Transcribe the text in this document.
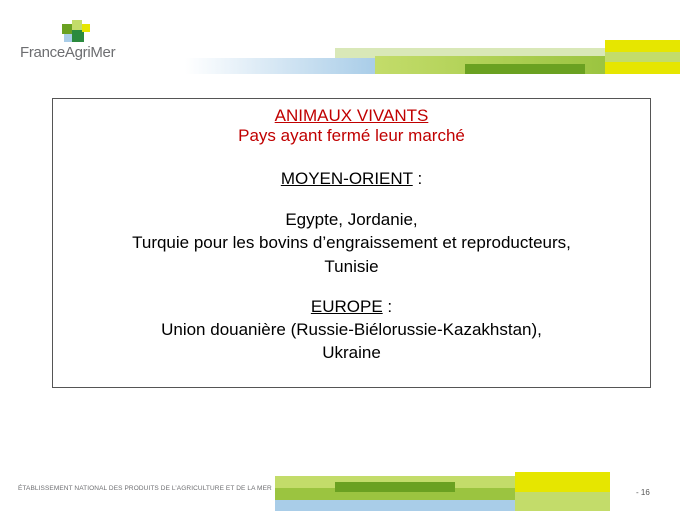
FranceAgriMer
ANIMAUX VIVANTS
Pays ayant fermé leur marché
MOYEN-ORIENT :
Egypte, Jordanie,
Turquie pour les bovins d’engraissement et reproducteurs,
Tunisie
EUROPE :
Union douanière (Russie-Biélorussie-Kazakhstan),
Ukraine
ÉTABLISSEMENT NATIONAL DES PRODUITS DE L’AGRICULTURE ET DE LA MER	- 16
